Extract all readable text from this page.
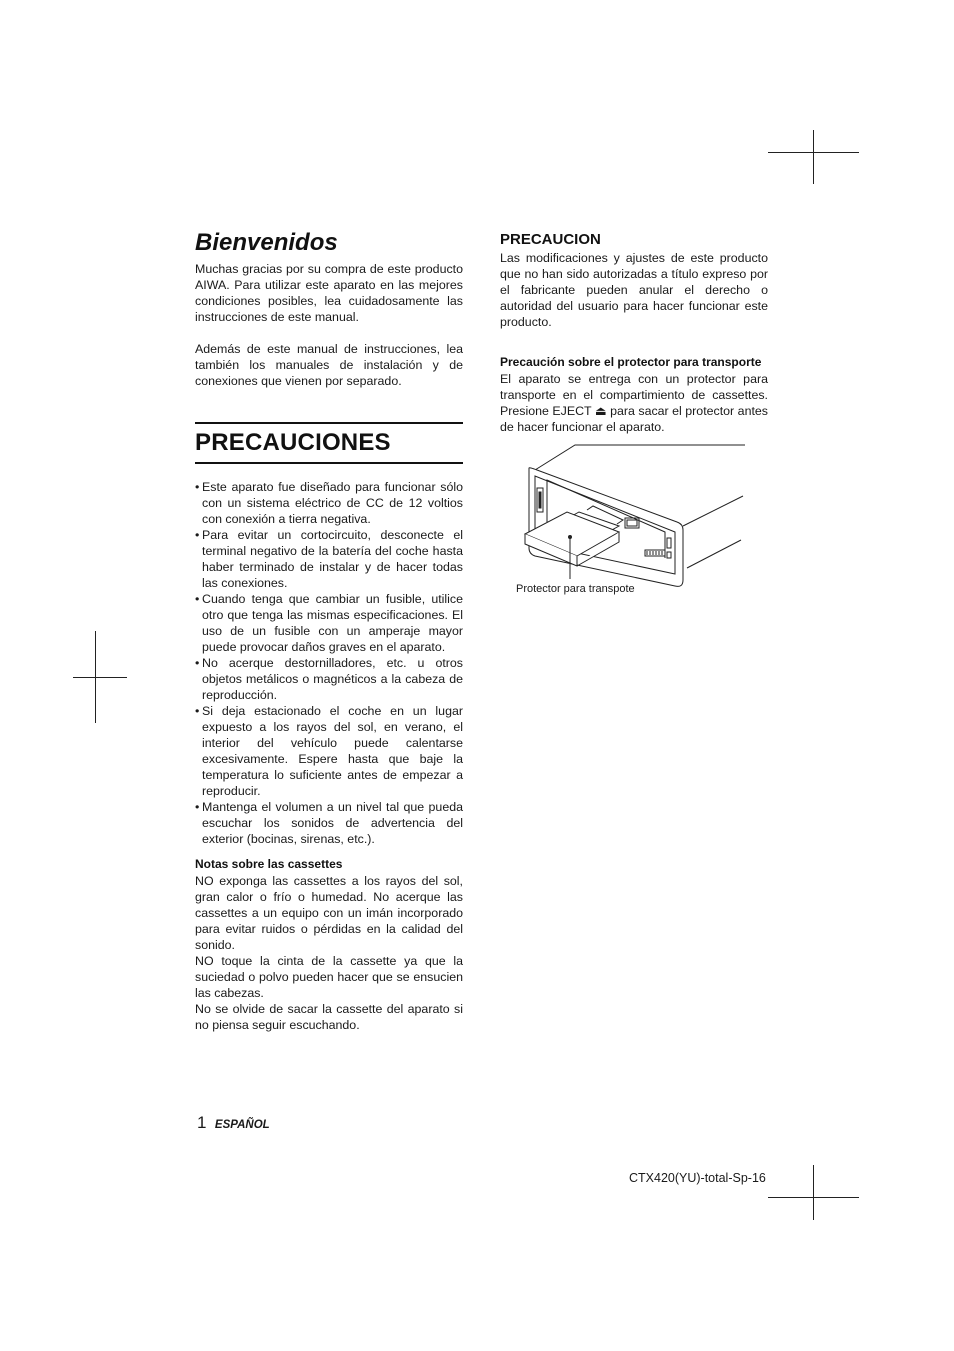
Bienvenidos

Muchas gracias por su compra de este producto AIWA. Para utilizar este aparato en las mejores condiciones posibles, lea cuidadosamente las instrucciones de este manual.

Además de este manual de instrucciones, lea también los manuales de instalación y de conexiones que vienen por separado.

PRECAUCIONES
• Este aparato fue diseñado para funcionar sólo con un sistema eléctrico de CC de 12 voltios con conexión a tierra negativa.
• Para evitar un cortocircuito, desconecte el terminal negativo de la batería del coche hasta haber terminado de instalar y de hacer todas las conexiones.
• Cuando tenga que cambiar un fusible, utilice otro que tenga las mismas especificaciones. El uso de un fusible con un amperaje mayor puede provocar daños graves en el aparato.
• No acerque destornilladores, etc. u otros objetos metálicos o magnéticos a la cabeza de reproducción.
• Si deja estacionado el coche en un lugar expuesto a los rayos del sol, en verano, el interior del vehículo puede calentarse excesivamente. Espere hasta que baje la temperatura lo suficiente antes de empezar a reproducir.
• Mantenga el volumen a un nivel tal que pueda escuchar los sonidos de advertencia del exterior (bocinas, sirenas, etc.).
Notas sobre las cassettes

NO exponga las cassettes a los rayos del sol, gran calor o frío o humedad. No acerque las cassettes a un equipo con un imán incorporado para evitar ruidos o pérdidas en la calidad del sonido.

NO toque la cinta de la cassette ya que la suciedad o polvo pueden hacer que se ensucien las cabezas.

No se olvide de sacar la cassette del aparato si no piensa seguir escuchando.

PRECAUCION

Las modificaciones y ajustes de este producto que no han sido autorizadas a título expreso por el fabricante pueden anular el derecho o autoridad del usuario para hacer funcionar este producto.

Precaución sobre el protector para transporte

El aparato se entrega con un protector para transporte en el compartimiento de cassettes. Presione EJECT ⏏ para sacar el protector antes de hacer funcionar el aparato.

Protector para transpote
1 ESPAÑOL
CTX420(YU)-total-Sp-16
